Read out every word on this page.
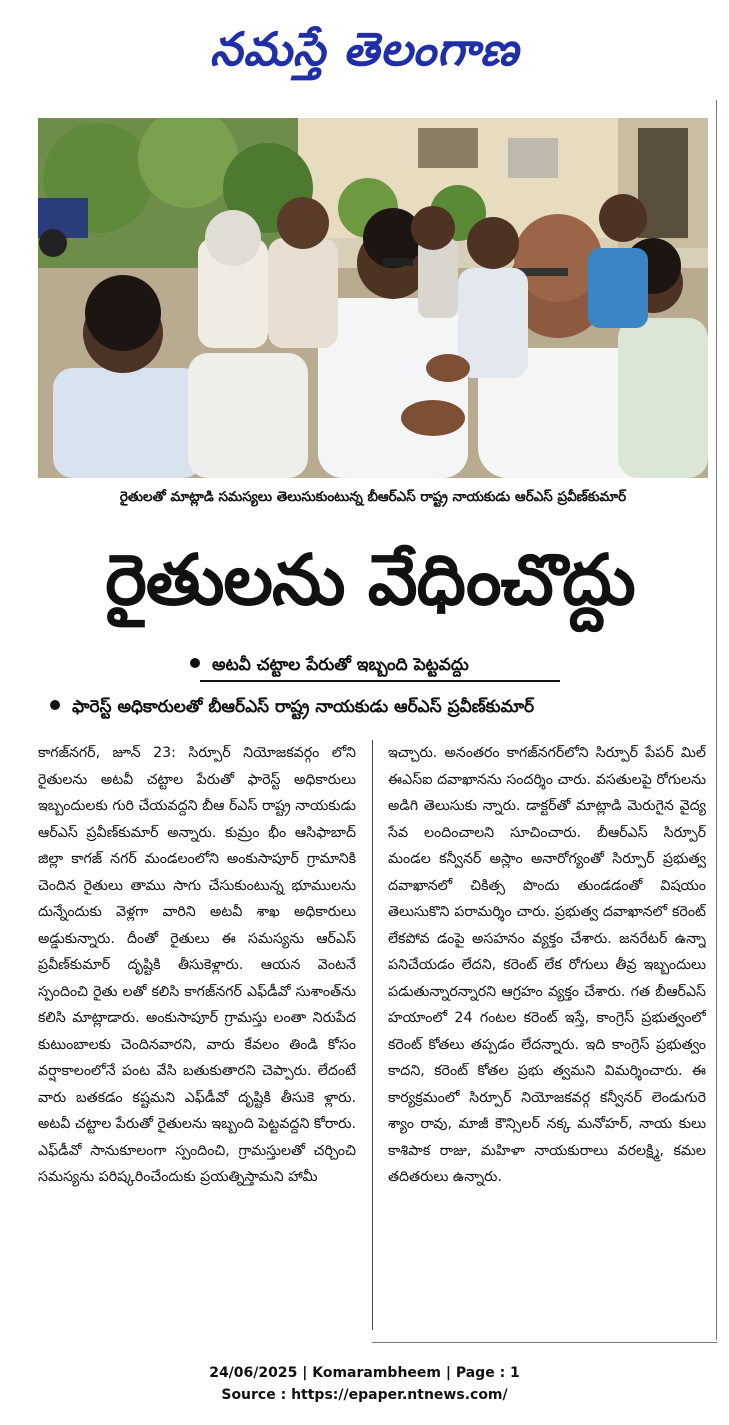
నమస్తే తెలంగాణ
రైతులతో మాట్లాడి సమస్యలు తెలుసుకుంటున్న బీఆర్ఎస్ రాష్ట్ర నాయకుడు ఆర్ఎస్ ప్రవీణ్‌కుమార్
రైతులను వేధించొద్దు
అటవీ చట్టాల పేరుతో ఇబ్బంది పెట్టవద్దు
ఫారెస్ట్ అధికారులతో బీఆర్ఎస్ రాష్ట్ర నాయకుడు ఆర్ఎస్ ప్రవీణ్‌కుమార్
కాగజ్‌నగర్, జూన్ 23: సిర్పూర్ నియోజకవర్గం లోని రైతులను అటవీ చట్టాల పేరుతో ఫారెస్ట్ అధికారులు ఇబ్బందులకు గురి చేయవద్దని బీఆ ర్ఎస్ రాష్ట్ర నాయకుడు ఆర్ఎస్ ప్రవీణ్‌కుమార్ అన్నారు. కుమ్రం భీం ఆసిఫాబాద్ జిల్లా కాగజ్ నగర్ మండలంలోని అంకుసాపూర్ గ్రామానికి చెందిన రైతులు తాము సాగు చేసుకుంటున్న భూములను దున్నేందుకు వెళ్లగా వారిని అటవీ శాఖ అధికారులు అడ్డుకున్నారు. దీంతో రైతులు ఈ సమస్యను ఆర్ఎస్ ప్రవీణ్‌కుమార్ దృష్టికి తీసుకెళ్లారు. ఆయన వెంటనే స్పందించి రైతు లతో కలిసి కాగజ్‌నగర్ ఎఫ్‌డీవో సుశాంత్‌ను కలిసి మాట్లాడారు. అంకుసాపూర్ గ్రామస్తు లంతా నిరుపేద కుటుంబాలకు చెందినవారని, వారు కేవలం తిండి కోసం వర్షాకాలంలోనే పంట వేసి బతుకుతారని చెప్పారు. లేదంటే వారు బతకడం కష్టమని ఎఫ్‌డీవో దృష్టికి తీసుకె ళ్లారు. అటవీ చట్టాల పేరుతో రైతులను ఇబ్బంది పెట్టవద్దని కోరారు. ఎఫ్‌డీవో సానుకూలంగా స్పందించి, గ్రామస్తులతో చర్చించి సమస్యను పరిష్కరించేందుకు ప్రయత్నిస్తామని హామీ
ఇచ్చారు. అనంతరం కాగజ్‌నగర్‌లోని సిర్పూర్ పేపర్ మిల్ ఈఎస్ఐ దవాఖానను సందర్శిం చారు. వసతులపై రోగులను అడిగి తెలుసుకు న్నారు. డాక్టర్‌తో మాట్లాడి మెరుగైన వైద్య సేవ లందించాలని సూచించారు. బీఆర్ఎస్ సిర్పూర్ మండల కన్వీనర్ అస్లాం అనారోగ్యంతో సిర్పూర్ ప్రభుత్వ దవాఖానలో చికిత్స పొందు తుండడంతో విషయం తెలుసుకొని పరామర్శిం చారు. ప్రభుత్వ దవాఖానలో కరెంట్ లేకపోవ డంపై అసహనం వ్యక్తం చేశారు. జనరేటర్ ఉన్నా పనిచేయడం లేదని, కరెంట్ లేక రోగులు తీవ్ర ఇబ్బందులు పడుతున్నారన్నారని ఆగ్రహం వ్యక్తం చేశారు. గత బీఆర్ఎస్ హయాంలో 24 గంటల కరెంట్ ఇస్తే, కాంగ్రెస్ ప్రభుత్వంలో కరెంట్ కోతలు తప్పడం లేదన్నారు. ఇది కాంగ్రెస్ ప్రభుత్వం కాదని, కరెంట్ కోతల ప్రభు త్వమని విమర్శించారు. ఈ కార్యక్రమంలో సిర్పూర్ నియోజకవర్గ కన్వీనర్ లెండుగురె శ్యాం రావు, మాజీ కౌన్సిలర్ నక్క మనోహర్, నాయ కులు కాశిపాక రాజు, మహిళా నాయకురాలు వరలక్ష్మి, కమల తదితరులు ఉన్నారు.
24/06/2025 | Komarambheem | Page : 1
Source : https://epaper.ntnews.com/
